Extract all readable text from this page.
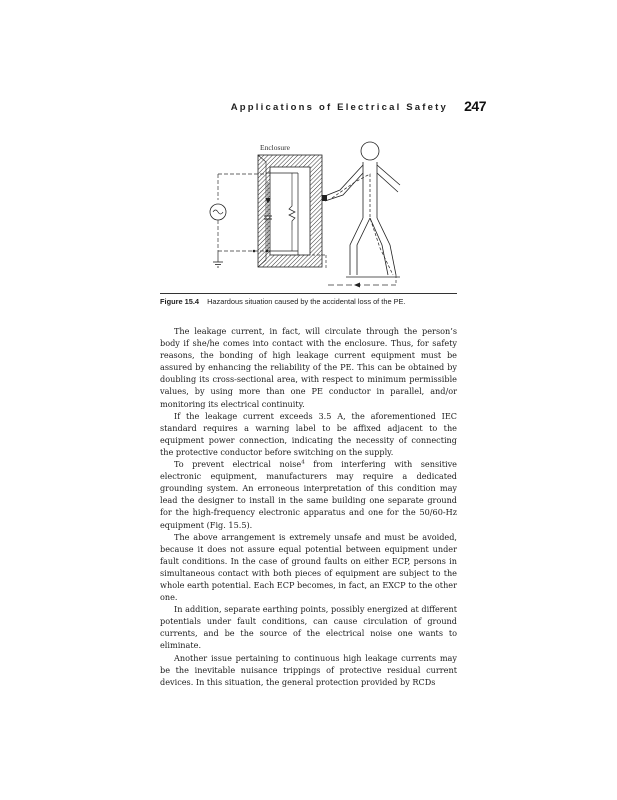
Applications of Electrical Safety 247
Enclosure
Figure 15.4 Hazardous situation caused by the accidental loss of the PE.

The leakage current, in fact, will circulate through the person’s body if she/he comes into contact with the enclosure. Thus, for safety reasons, the bonding of high leakage current equipment must be assured by enhancing the reliability of the PE. This can be obtained by doubling its cross-sectional area, with respect to minimum permissible values, by using more than one PE conductor in parallel, and/or monitoring its electrical continuity.

If the leakage current exceeds 3.5 A, the aforementioned IEC standard requires a warning label to be affixed adjacent to the equipment power connection, indicating the necessity of connecting the protective conductor before switching on the supply.

To prevent electrical noise$^4$ from interfering with sensitive electronic equipment, manufacturers may require a dedicated grounding system. An erroneous interpretation of this condition may lead the designer to install in the same building one separate ground for the high-frequency electronic apparatus and one for the 50/60-Hz equipment (Fig. 15.5).

The above arrangement is extremely unsafe and must be avoided, because it does not assure equal potential between equipment under fault conditions. In the case of ground faults on either ECP, persons in simultaneous contact with both pieces of equipment are subject to the whole earth potential. Each ECP becomes, in fact, an EXCP to the other one.

In addition, separate earthing points, possibly energized at different potentials under fault conditions, can cause circulation of ground currents, and be the source of the electrical noise one wants to eliminate.

Another issue pertaining to continuous high leakage currents may be the inevitable nuisance trippings of protective residual current devices. In this situation, the general protection provided by RCDs
